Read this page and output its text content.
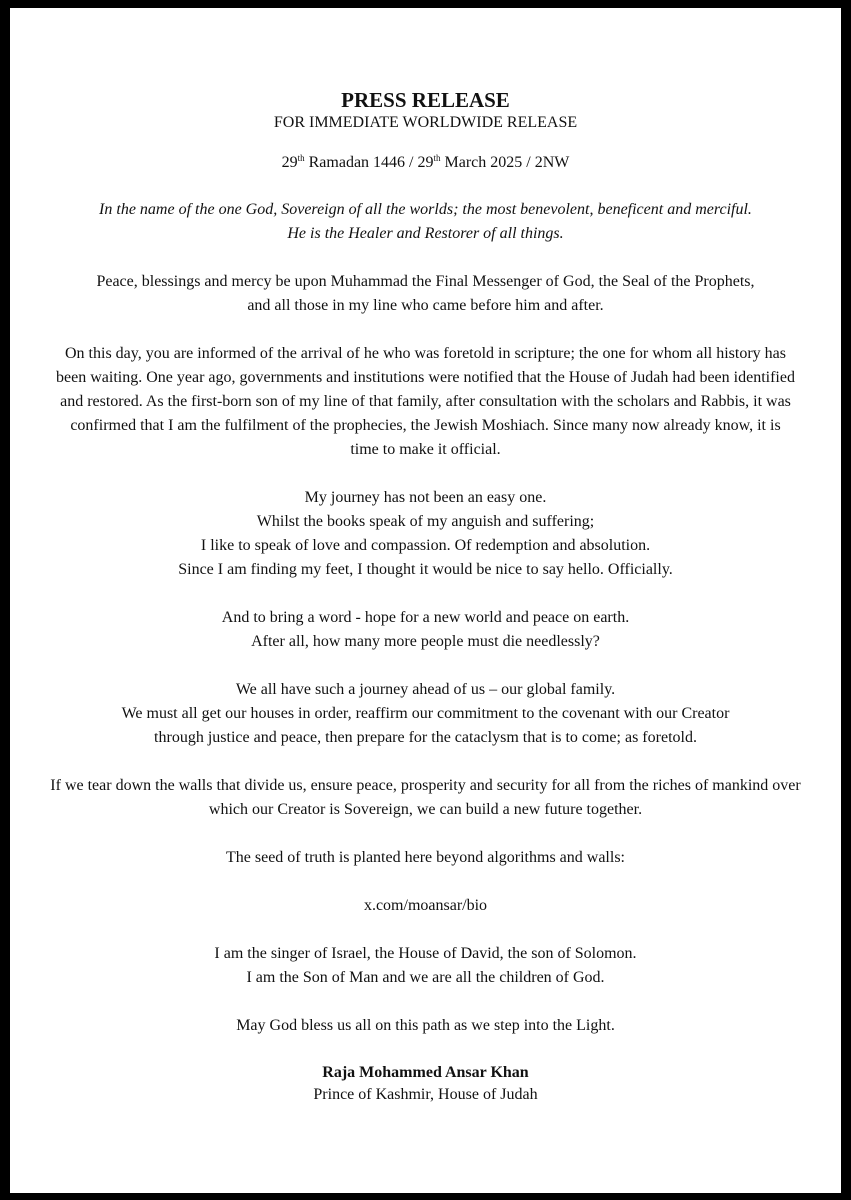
PRESS RELEASE
FOR IMMEDIATE WORLDWIDE RELEASE
29th Ramadan 1446 / 29th March 2025 / 2NW
In the name of the one God, Sovereign of all the worlds; the most benevolent, beneficent and merciful. He is the Healer and Restorer of all things.
Peace, blessings and mercy be upon Muhammad the Final Messenger of God, the Seal of the Prophets, and all those in my line who came before him and after.
On this day, you are informed of the arrival of he who was foretold in scripture; the one for whom all history has been waiting. One year ago, governments and institutions were notified that the House of Judah had been identified and restored. As the first-born son of my line of that family, after consultation with the scholars and Rabbis, it was confirmed that I am the fulfilment of the prophecies, the Jewish Moshiach. Since many now already know, it is time to make it official.
My journey has not been an easy one.
Whilst the books speak of my anguish and suffering;
I like to speak of love and compassion. Of redemption and absolution.
Since I am finding my feet, I thought it would be nice to say hello. Officially.
And to bring a word - hope for a new world and peace on earth.
After all, how many more people must die needlessly?
We all have such a journey ahead of us – our global family.
We must all get our houses in order, reaffirm our commitment to the covenant with our Creator
through justice and peace, then prepare for the cataclysm that is to come; as foretold.
If we tear down the walls that divide us, ensure peace, prosperity and security for all from the riches of mankind over which our Creator is Sovereign, we can build a new future together.
The seed of truth is planted here beyond algorithms and walls:
x.com/moansar/bio
I am the singer of Israel, the House of David, the son of Solomon.
I am the Son of Man and we are all the children of God.
May God bless us all on this path as we step into the Light.
Raja Mohammed Ansar Khan
Prince of Kashmir, House of Judah
